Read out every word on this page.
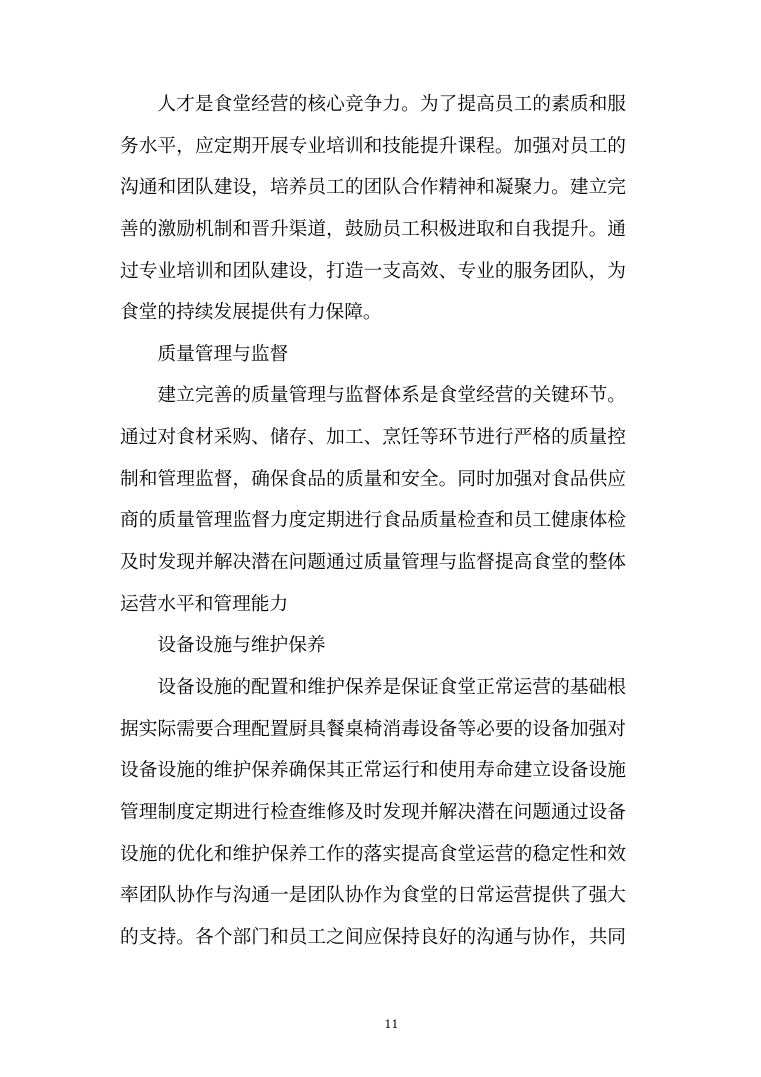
人才是食堂经营的核心竞争力。为了提高员工的素质和服
务水平，应定期开展专业培训和技能提升课程。加强对员工的
沟通和团队建设，培养员工的团队合作精神和凝聚力。建立完
善的激励机制和晋升渠道，鼓励员工积极进取和自我提升。通
过专业培训和团队建设，打造一支高效、专业的服务团队，为
食堂的持续发展提供有力保障。
质量管理与监督
建立完善的质量管理与监督体系是食堂经营的关键环节。
通过对食材采购、储存、加工、烹饪等环节进行严格的质量控
制和管理监督，确保食品的质量和安全。同时加强对食品供应
商的质量管理监督力度定期进行食品质量检查和员工健康体检
及时发现并解决潜在问题通过质量管理与监督提高食堂的整体
运营水平和管理能力
设备设施与维护保养
设备设施的配置和维护保养是保证食堂正常运营的基础根
据实际需要合理配置厨具餐桌椅消毒设备等必要的设备加强对
设备设施的维护保养确保其正常运行和使用寿命建立设备设施
管理制度定期进行检查维修及时发现并解决潜在问题通过设备
设施的优化和维护保养工作的落实提高食堂运营的稳定性和效
率团队协作与沟通一是团队协作为食堂的日常运营提供了强大
的支持。各个部门和员工之间应保持良好的沟通与协作，共同
11
